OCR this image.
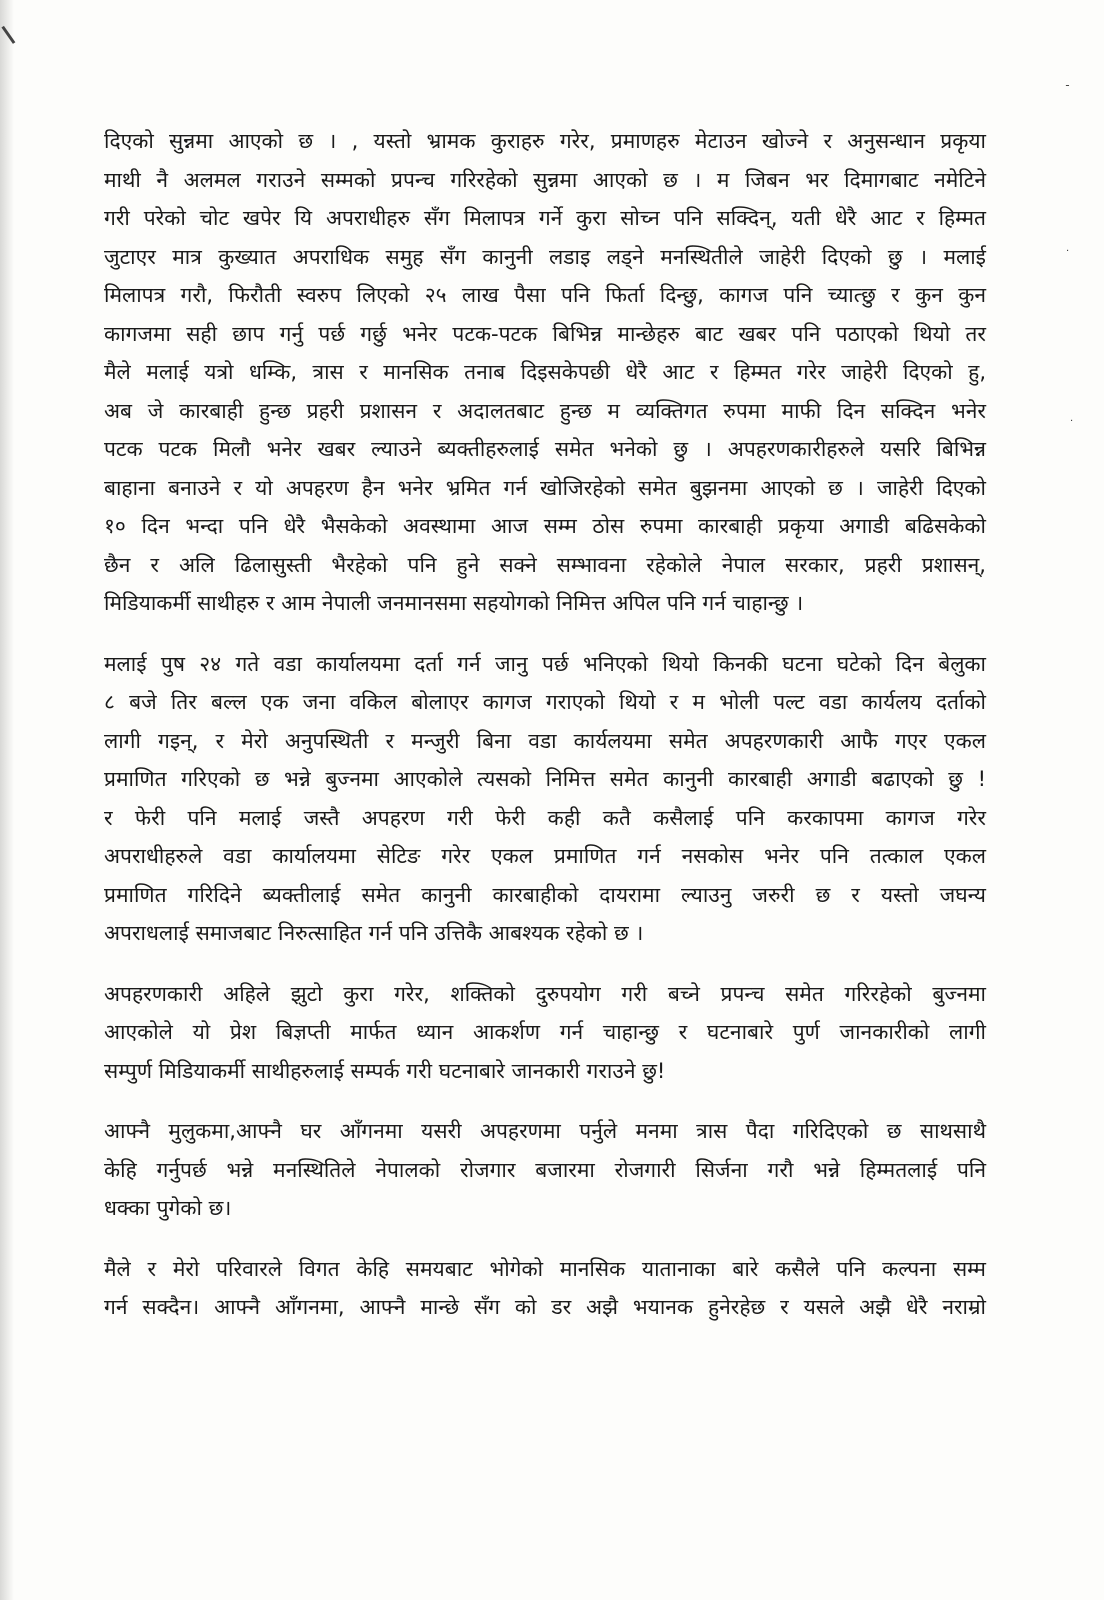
ـ
·
·

दिएको सुन्नमा आएको छ । , यस्तो भ्रामक कुराहरु गरेर, प्रमाणहरु मेटाउन खोज्ने र अनुसन्धान प्रकृया
माथी नै अलमल गराउने सम्मको प्रपन्च गरिरहेको सुन्नमा आएको छ । म जिबन भर दिमागबाट नमेटिने
गरी परेको चोट खपेर यि अपराधीहरु सँग मिलापत्र गर्ने कुरा सोच्न पनि सक्दिन्, यती धेरै आट र हिम्मत
जुटाएर मात्र कुख्यात अपराधिक समुह सँग कानुनी लडाइ लड्ने मनस्थितीले जाहेरी दिएको छु । मलाई
मिलापत्र गरौ, फिरौती स्वरुप लिएको २५ लाख पैसा पनि फिर्ता दिन्छु, कागज पनि च्यात्छु र कुन कुन
कागजमा सही छाप गर्नु पर्छ गर्छु भनेर पटक-पटक बिभिन्न मान्छेहरु बाट खबर पनि पठाएको थियो तर
मैले मलाई यत्रो धम्कि, त्रास र मानसिक तनाब दिइसकेपछी धेरै आट र हिम्मत गरेर जाहेरी दिएको हु,
अब जे कारबाही हुन्छ प्रहरी प्रशासन र अदालतबाट हुन्छ म व्यक्तिगत रुपमा माफी दिन सक्दिन भनेर
पटक पटक मिलौ भनेर खबर ल्याउने ब्यक्तीहरुलाई समेत भनेको छु । अपहरणकारीहरुले यसरि बिभिन्न
बाहाना बनाउने र यो अपहरण हैन भनेर भ्रमित गर्न खोजिरहेको समेत बुझनमा आएको छ । जाहेरी दिएको
१० दिन भन्दा पनि धेरै भैसकेको अवस्थामा आज सम्म ठोस रुपमा कारबाही प्रकृया अगाडी बढिसकेको
छैन र अलि ढिलासुस्ती भैरहेको पनि हुने सक्ने सम्भावना रहेकोले नेपाल सरकार, प्रहरी प्रशासन्,
मिडियाकर्मी साथीहरु र आम नेपाली जनमानसमा सहयोगको निमित्त अपिल पनि गर्न चाहान्छु ।

मलाई पुष २४ गते वडा कार्यालयमा दर्ता गर्न जानु पर्छ भनिएको थियो किनकी घटना घटेको दिन बेलुका
८ बजे तिर बल्ल एक जना वकिल बोलाएर कागज गराएको थियो र म भोली पल्ट वडा कार्यलय दर्ताको
लागी गइन्, र मेरो अनुपस्थिती र मन्जुरी बिना वडा कार्यलयमा समेत अपहरणकारी आफै गएर एकल
प्रमाणित गरिएको छ भन्ने बुज्नमा आएकोले त्यसको निमित्त समेत कानुनी कारबाही अगाडी बढाएको छु !
र फेरी पनि मलाई जस्तै अपहरण गरी फेरी कही कतै कसैलाई पनि करकापमा कागज गरेर
अपराधीहरुले वडा कार्यालयमा सेटिङ गरेर एकल प्रमाणित गर्न नसकोस भनेर पनि तत्काल एकल
प्रमाणित गरिदिने ब्यक्तीलाई समेत कानुनी कारबाहीको दायरामा ल्याउनु जरुरी छ र यस्तो जघन्य
अपराधलाई समाजबाट निरुत्साहित गर्न पनि उत्तिकै आबश्यक रहेको छ ।

अपहरणकारी अहिले झुटो कुरा गरेर, शक्तिको दुरुपयोग गरी बच्ने प्रपन्च समेत गरिरहेको बुज्नमा
आएकोले यो प्रेश बिज्ञप्ती मार्फत ध्यान आकर्शण गर्न चाहान्छु र घटनाबारे पुर्ण जानकारीको लागी
सम्पुर्ण मिडियाकर्मी साथीहरुलाई सम्पर्क गरी घटनाबारे जानकारी गराउने छु!

आफ्नै मुलुकमा,आफ्नै घर आँगनमा यसरी अपहरणमा पर्नुले मनमा त्रास पैदा गरिदिएको छ साथसाथै
केहि गर्नुपर्छ भन्ने मनस्थितिले नेपालको रोजगार बजारमा रोजगारी सिर्जना गरौ भन्ने हिम्मतलाई पनि
धक्का पुगेको छ।

मैले र मेरो परिवारले विगत केहि समयबाट भोगेको मानसिक यातानाका बारे कसैले पनि कल्पना सम्म
गर्न सक्दैन। आफ्नै आँगनमा, आफ्नै मान्छे सँग को डर अझै भयानक हुनेरहेछ र यसले अझै धेरै नराम्रो
